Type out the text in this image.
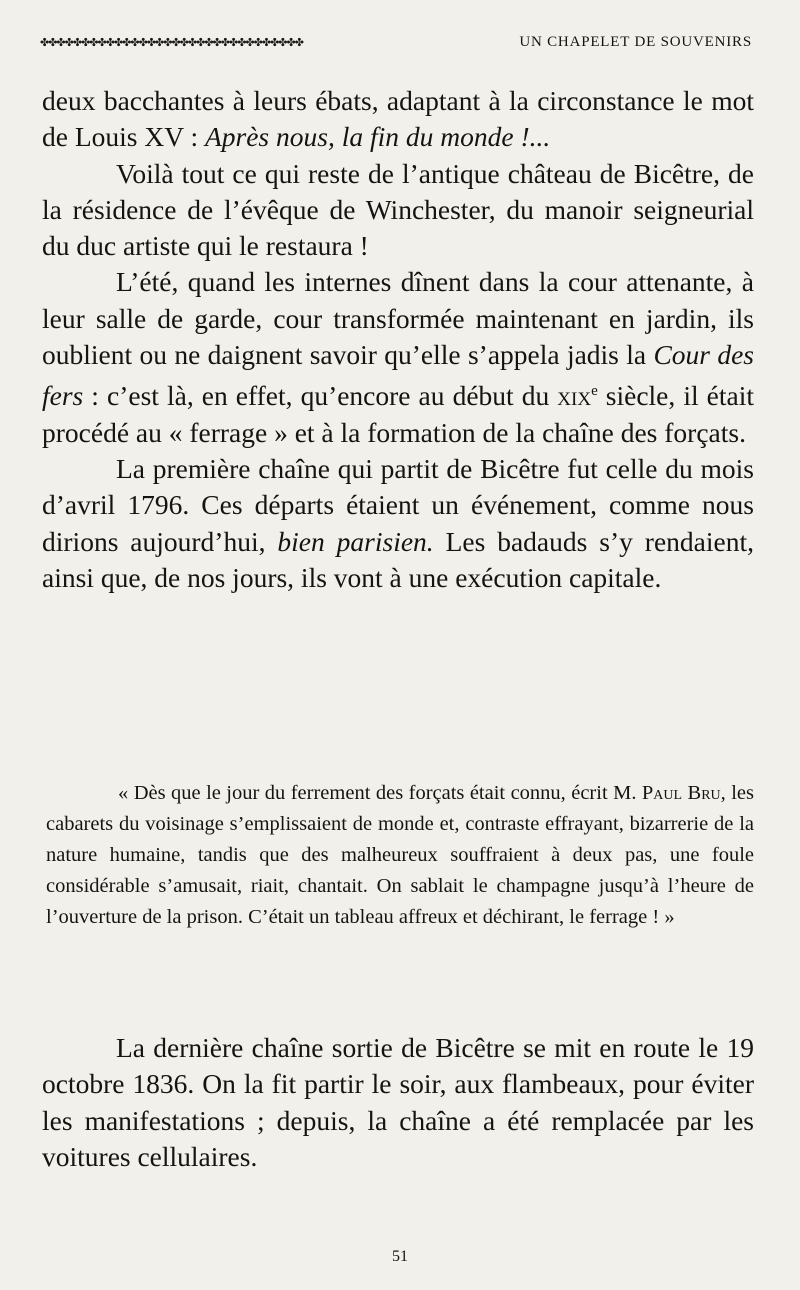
✤✤✤✤✤✤✤✤✤✤✤✤✤✤✤✤✤✤✤✤✤✤✤✤✤✤✤✤✤✤✤✤	UN CHAPELET DE SOUVENIRS

deux bacchantes à leurs ébats, adaptant à la circonstance le mot de Louis XV : Après nous, la fin du monde !...

Voilà tout ce qui reste de l’antique château de Bicêtre, de la résidence de l’évêque de Winchester, du manoir seigneurial du duc artiste qui le restaura !

L’été, quand les internes dînent dans la cour attenante, à leur salle de garde, cour transformée maintenant en jardin, ils oublient ou ne daignent savoir qu’elle s’appela jadis la Cour des fers : c’est là, en effet, qu’encore au début du xix$^e$ siècle, il était procédé au « ferrage » et à la formation de la chaîne des forçats.

La première chaîne qui partit de Bicêtre fut celle du mois d’avril 1796. Ces départs étaient un événement, comme nous dirions aujourd’hui, bien parisien. Les badauds s’y rendaient, ainsi que, de nos jours, ils vont à une exécution capitale.

« Dès que le jour du ferrement des forçats était connu, écrit M. Paul Bru, les cabarets du voisinage s’emplissaient de monde et, contraste effrayant, bizarrerie de la nature humaine, tandis que des malheureux souffraient à deux pas, une foule considérable s’amusait, riait, chantait. On sablait le champagne jusqu’à l’heure de l’ouverture de la prison. C’était un tableau affreux et déchirant, le ferrage ! »

La dernière chaîne sortie de Bicêtre se mit en route le 19 octobre 1836. On la fit partir le soir, aux flambeaux, pour éviter les manifestations ; depuis, la chaîne a été remplacée par les voitures cellulaires.

51
